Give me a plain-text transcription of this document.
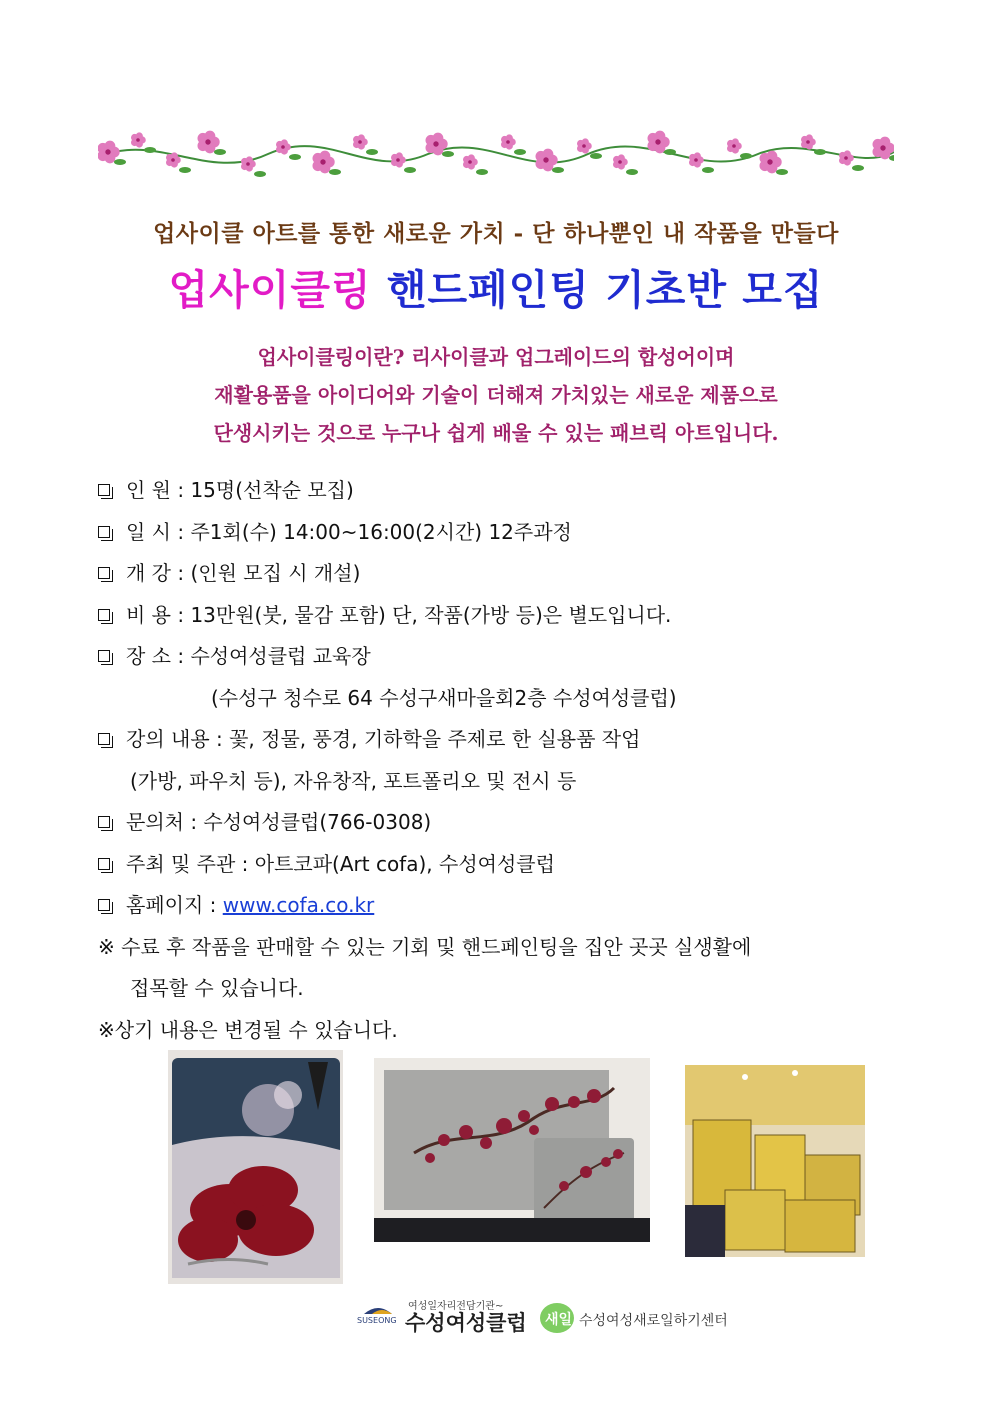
업사이클 아트를 통한 새로운 가치 - 단 하나뿐인 내 작품을 만들다
업사이클링 핸드페인팅 기초반 모집
업사이클링이란? 리사이클과 업그레이드의 합성어이며
재활용품을 아이디어와 기술이 더해져 가치있는 새로운 제품으로
단생시키는 것으로 누구나 쉽게 배울 수 있는 패브릭 아트입니다.
인 원 : 15명(선착순 모집)
일 시 : 주1회(수) 14:00~16:00(2시간) 12주과정
개 강 : (인원 모집 시 개설)
비 용 : 13만원(붓, 물감 포함) 단, 작품(가방 등)은 별도입니다.
장 소 : 수성여성클럽 교육장
(수성구 청수로 64 수성구새마을회2층 수성여성클럽)
강의 내용 : 꽃, 정물, 풍경, 기하학을 주제로 한 실용품 작업
(가방, 파우치 등), 자유창작, 포트폴리오 및 전시 등
문의처 : 수성여성클럽(766-0308)
주최 및 주관 : 아트코파(Art cofa), 수성여성클럽
홈페이지 : www.cofa.co.kr
※ 수료 후 작품을 판매할 수 있는 기회 및 핸드페인팅을 집안 곳곳 실생활에
접목할 수 있습니다.
※상기 내용은 변경될 수 있습니다.
SUSEONG
여성일자리전담기관~
수성여성클럽 새일 수성여성새로일하기센터
